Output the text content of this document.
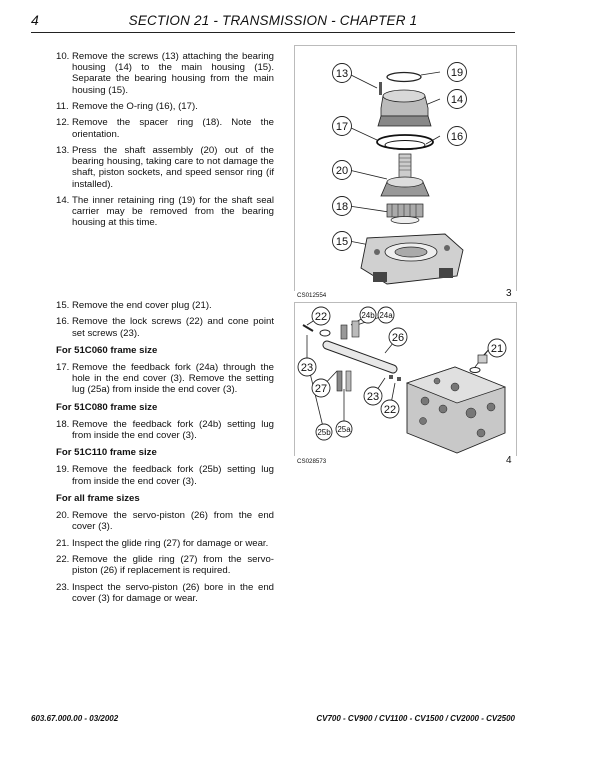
4	SECTION 21 - TRANSMISSION - CHAPTER 1
10. Remove the screws (13) attaching the bearing housing (14) to the main housing (15). Separate the bearing housing from the main housing (15).
11. Remove the O-ring (16), (17).
12. Remove the spacer ring (18). Note the orientation.
13. Press the shaft assembly (20) out of the bearing housing, taking care to not damage the shaft, piston sockets, and speed sensor ring (if installed).
14. The inner retaining ring (19) for the shaft seal carrier may be removed from the bearing housing at this time.
15. Remove the end cover plug (21).
16. Remove the lock screws (22) and cone point set screws (23).
For 51C060 frame size
17. Remove the feedback fork (24a) through the hole in the end cover (3). Remove the setting lug (25a) from inside the end cover (3).
For 51C080 frame size
18. Remove the feedback fork (24b) setting lug from inside the end cover (3).
For 51C110 frame size
19. Remove the feedback fork (25b) setting lug from inside the end cover (3).
For all frame sizes
20. Remove the servo-piston (26) from the end cover (3).
21. Inspect the glide ring (27) for damage or wear.
22. Remove the glide ring (27) from the servo-piston (26) if replacement is required.
23. Inspect the servo-piston (26) bore in the end cover (3) for damage or wear.
13	19
14
17
16
20
18
15
CS012554	3
22	24b 24a
26
21
23
27
23
22
25b 25a
CS028573	4
603.67.000.00 - 03/2002	CV700 - CV900 / CV1100 - CV1500 / CV2000 - CV2500
